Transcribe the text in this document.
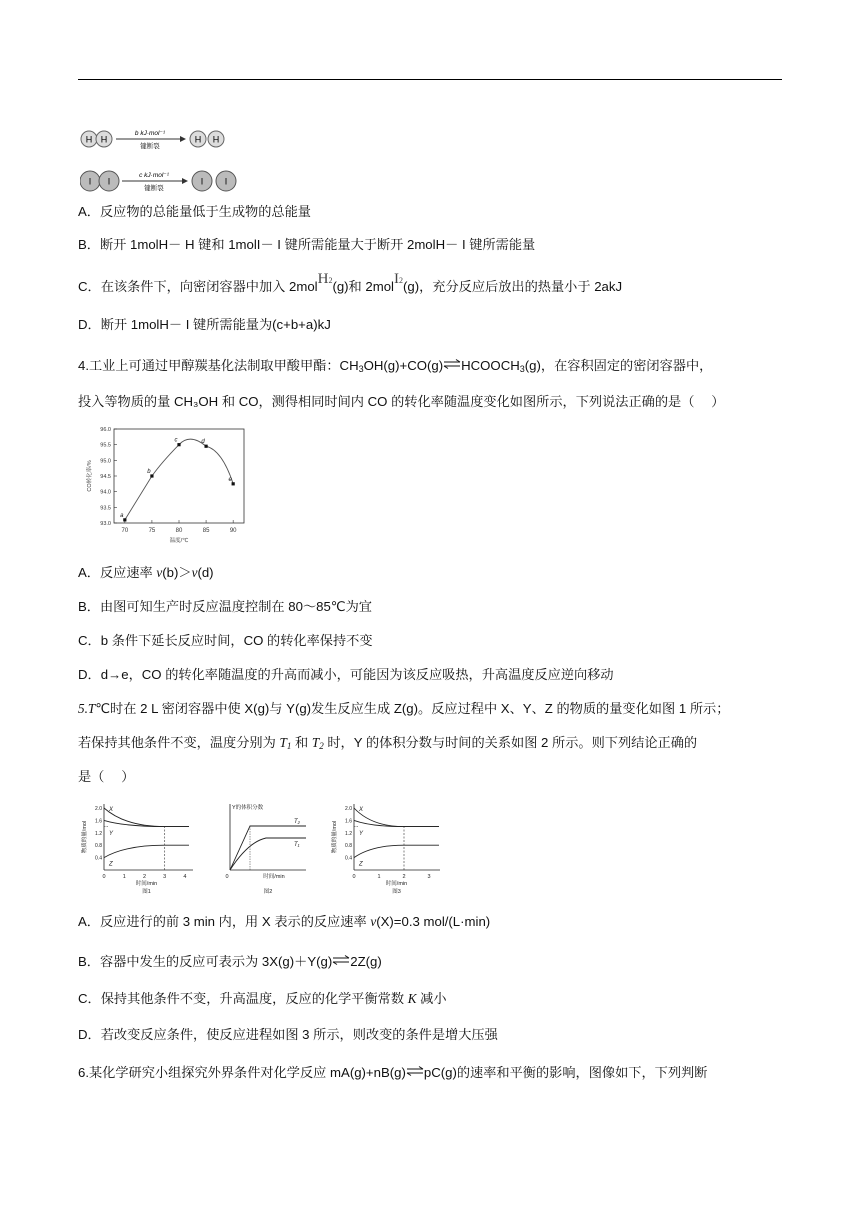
H H
b kJ·mol⁻¹
键断裂
H H
I I
c kJ·mol⁻¹
键断裂
I I
A．反应物的总能量低于生成物的总能量
B．断开 1molH－ H 键和 1molI－ I 键所需能量大于断开 2molH－ I 键所需能量
C．在该条件下，向密闭容器中加入 2molH2(g)和 2molI2(g)，充分反应后放出的热量小于 2akJ
D．断开 1molH－ I 键所需能量为(c+b+a)kJ
4.工业上可通过甲醇羰基化法制取甲酸甲酯：$CH_3OH(g)+CO(g)\rightleftharpoons HCOOCH_3(g)$，在容积固定的密闭容器中，
投入等物质的量 CH₃OH 和 CO，测得相同时间内 CO 的转化率随温度变化如图所示，下列说法正确的是（　 ）
70	75	80	85	90
93.0
93.5
94.0
94.5
95.0
95.5
96.0
温度/℃
CO转化率/%
a
b
c	d
e
A．反应速率 v(b)＞v(d)
B．由图可知生产时反应温度控制在 80～85℃为宜
C．b 条件下延长反应时间，CO 的转化率保持不变
D．d→e，CO 的转化率随温度的升高而减小，可能因为该反应吸热，升高温度反应逆向移动
5.T℃时在 2 L 密闭容器中使 X(g)与 Y(g)发生反应生成 Z(g)。反应过程中 X、Y、Z 的物质的量变化如图 1 所示；
若保持其他条件不变，温度分别为 $T_1$ 和 $T_2$ 时，Y 的体积分数与时间的关系如图 2 所示。则下列结论正确的
是（　 ）
0	1	2	3	4
0.4
0.8
1.2
1.6
2.0
时间/min
图1
物质的量/mol
X
Y
Z
Y的体积分数
时间/min
图2
0
T₂
T₁
0	1	2	3
0.4
0.8
1.2
1.6
2.0
时间/min
图3
物质的量/mol
X
Y
Z
A．反应进行的前 3 min 内，用 X 表示的反应速率 v(X)=0.3 mol/(L·min)
B．容器中发生的反应可表示为 3X(g)＋Y(g)⇌2Z(g)
C．保持其他条件不变，升高温度，反应的化学平衡常数 K 减小
D．若改变反应条件，使反应进程如图 3 所示，则改变的条件是增大压强
6.某化学研究小组探究外界条件对化学反应 mA(g)+nB(g)⇌pC(g)的速率和平衡的影响，图像如下，下列判断
